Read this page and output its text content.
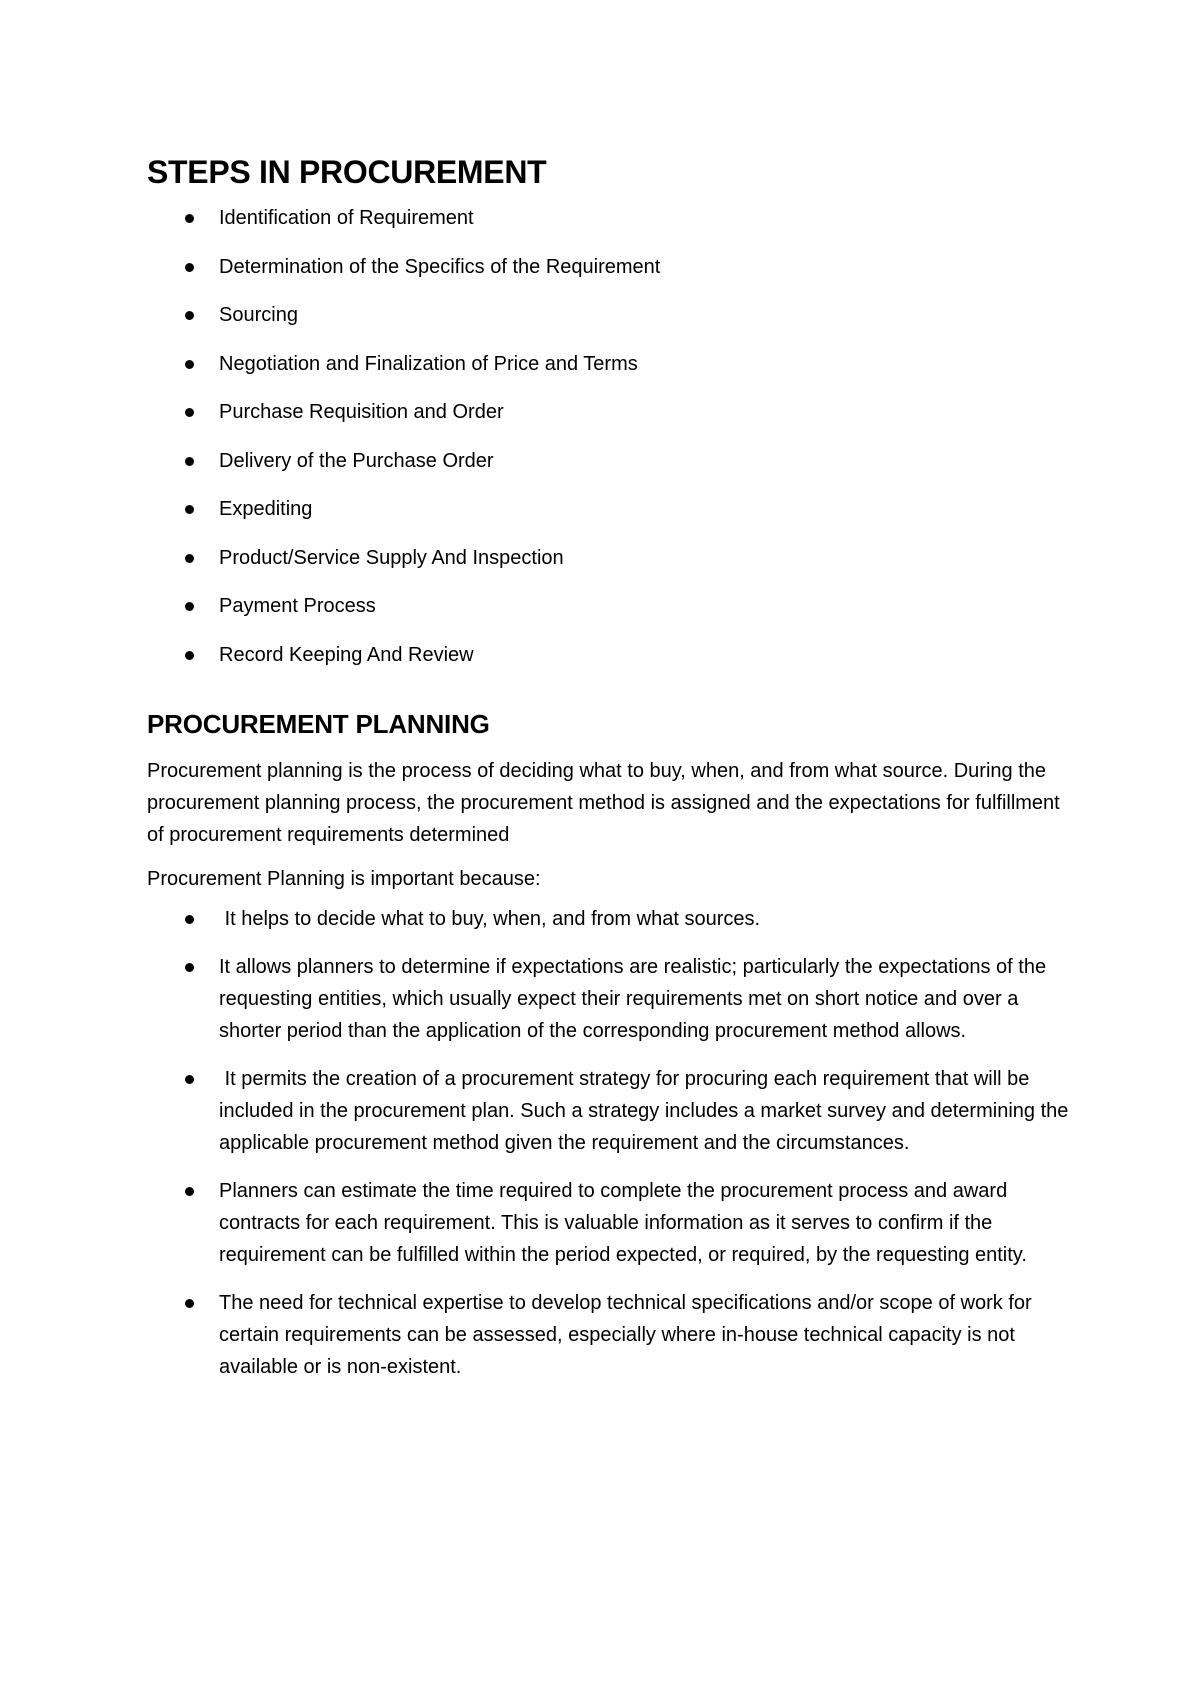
STEPS IN PROCUREMENT
Identification of Requirement
Determination of the Specifics of the Requirement
Sourcing
Negotiation and Finalization of Price and Terms
Purchase Requisition and Order
Delivery of the Purchase Order
Expediting
Product/Service Supply And Inspection
Payment Process
Record Keeping And Review
PROCUREMENT PLANNING

Procurement planning is the process of deciding what to buy, when, and from what source. During the procurement planning process, the procurement method is assigned and the expectations for fulfillment of procurement requirements determined

Procurement Planning is important because:

It helps to decide what to buy, when, and from what sources.
It allows planners to determine if expectations are realistic; particularly the expectations of the requesting entities, which usually expect their requirements met on short notice and over a shorter period than the application of the corresponding procurement method allows.
It permits the creation of a procurement strategy for procuring each requirement that will be included in the procurement plan. Such a strategy includes a market survey and determining the applicable procurement method given the requirement and the circumstances.
Planners can estimate the time required to complete the procurement process and award contracts for each requirement. This is valuable information as it serves to confirm if the requirement can be fulfilled within the period expected, or required, by the requesting entity.
The need for technical expertise to develop technical specifications and/or scope of work for certain requirements can be assessed, especially where in-house technical capacity is not available or is non-existent.
